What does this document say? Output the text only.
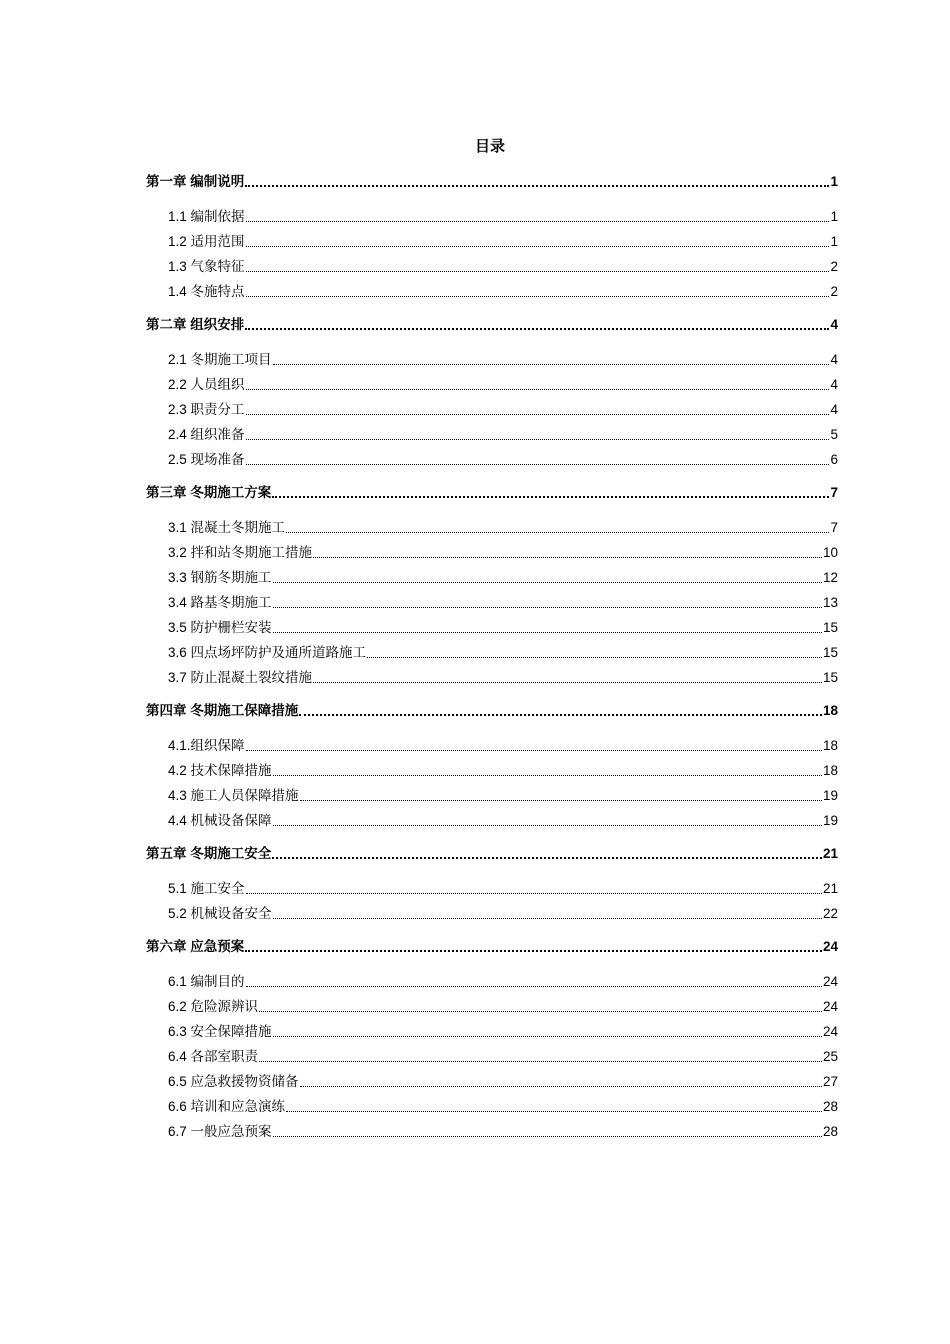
目录
第一章 编制说明	1
1.1 编制依据	1
1.2 适用范围	1
1.3 气象特征	2
1.4 冬施特点	2
第二章 组织安排	4
2.1 冬期施工项目	4
2.2 人员组织	4
2.3 职责分工	4
2.4 组织准备	5
2.5 现场准备	6
第三章 冬期施工方案	7
3.1 混凝土冬期施工	7
3.2 拌和站冬期施工措施	10
3.3 钢筋冬期施工	12
3.4 路基冬期施工	13
3.5 防护栅栏安装	15
3.6 四点场坪防护及通所道路施工	15
3.7 防止混凝土裂纹措施	15
第四章 冬期施工保障措施	18
4.1.组织保障	18
4.2 技术保障措施	18
4.3 施工人员保障措施	19
4.4 机械设备保障	19
第五章 冬期施工安全	21
5.1 施工安全	21
5.2 机械设备安全	22
第六章 应急预案	24
6.1 编制目的	24
6.2 危险源辨识	24
6.3 安全保障措施	24
6.4 各部室职责	25
6.5 应急救援物资储备	27
6.6 培训和应急演练	28
6.7 一般应急预案	28
